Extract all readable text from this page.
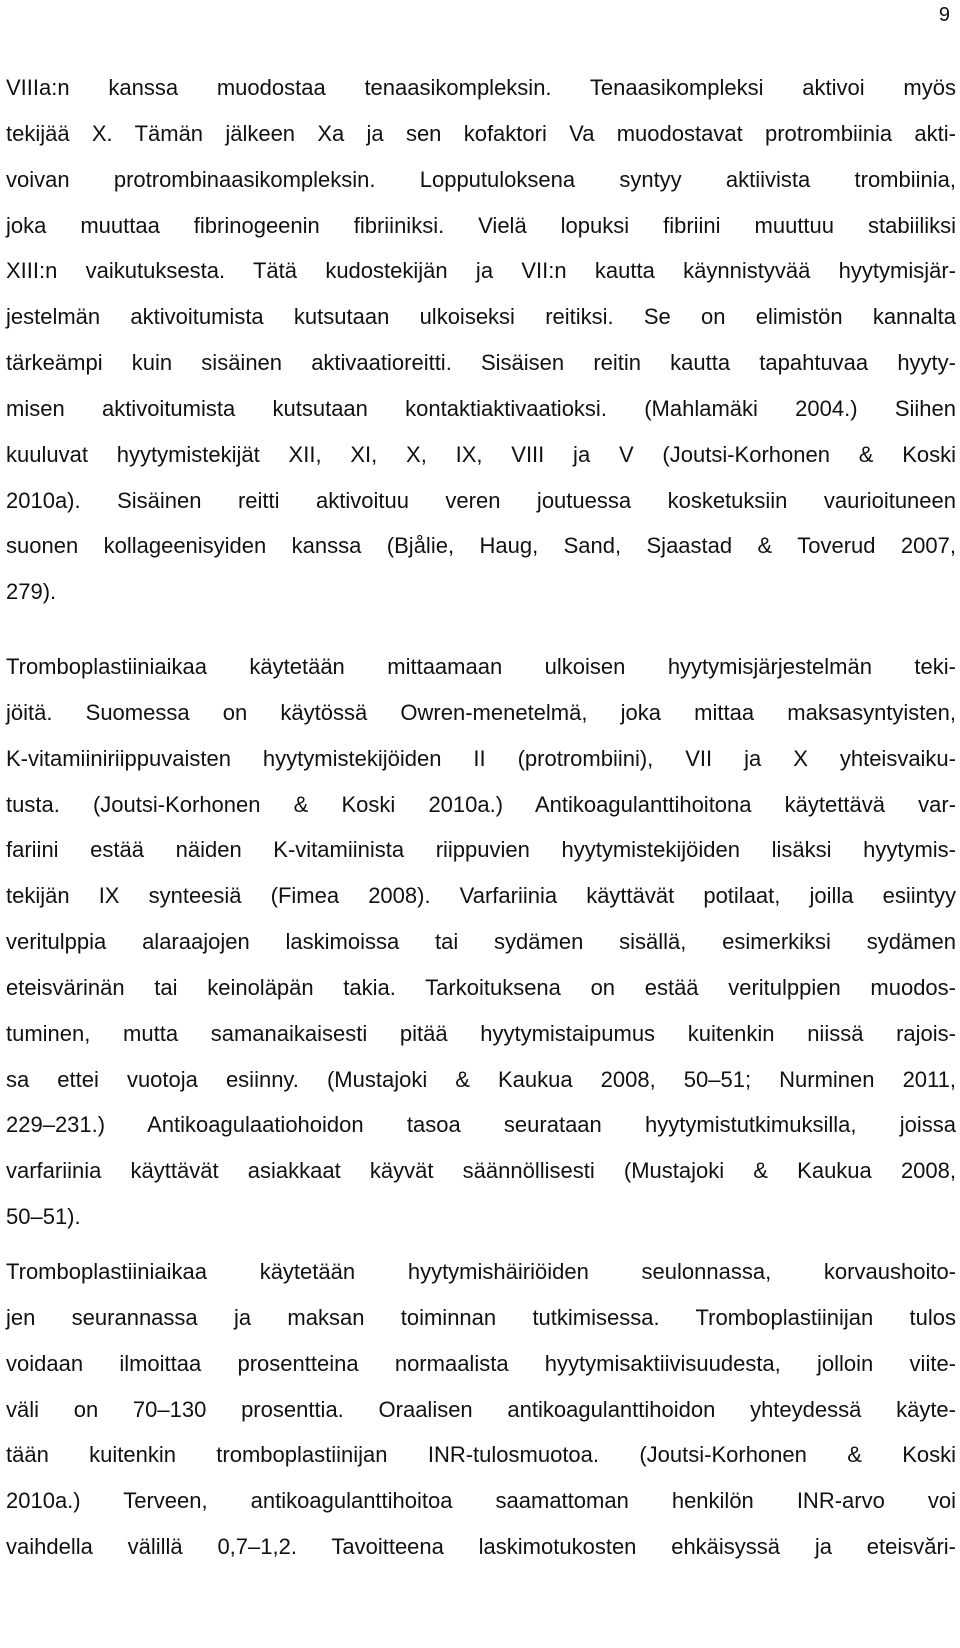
9

VIIIa:n kanssa muodostaa tenaasikompleksin. Tenaasikompleksi aktivoi myös
tekijää X. Tämän jälkeen Xa ja sen kofaktori Va muodostavat protrombiinia akti-
voivan protrombinaasikompleksin. Lopputuloksena syntyy aktiivista trombiinia,
joka muuttaa fibrinogeenin fibriiniksi. Vielä lopuksi fibriini muuttuu stabiiliksi
XIII:n vaikutuksesta. Tätä kudostekijän ja VII:n kautta käynnistyvää hyytymisjär-
jestelmän aktivoitumista kutsutaan ulkoiseksi reitiksi. Se on elimistön kannalta
tärkeämpi kuin sisäinen aktivaatioreitti. Sisäisen reitin kautta tapahtuvaa hyyty-
misen aktivoitumista kutsutaan kontaktiaktivaatioksi. (Mahlamäki 2004.) Siihen
kuuluvat hyytymistekijät XII, XI, X, IX, VIII ja V (Joutsi-Korhonen & Koski
2010a). Sisäinen reitti aktivoituu veren joutuessa kosketuksiin vaurioituneen
suonen kollageenisyiden kanssa (Bjålie, Haug, Sand, Sjaastad & Toverud 2007,
279).

Tromboplastiiniaikaa käytetään mittaamaan ulkoisen hyytymisjärjestelmän teki-
jöitä. Suomessa on käytössä Owren-menetelmä, joka mittaa maksasyntyisten,
K-vitamiiniriippuvaisten hyytymistekijöiden II (protrombiini), VII ja X yhteisvaiku-
tusta. (Joutsi-Korhonen & Koski 2010a.) Antikoagulanttihoitona käytettävä var-
fariini estää näiden K-vitamiinista riippuvien hyytymistekijöiden lisäksi hyytymis-
tekijän IX synteesiä (Fimea 2008). Varfariinia käyttävät potilaat, joilla esiintyy
veritulppia alaraajojen laskimoissa tai sydämen sisällä, esimerkiksi sydämen
eteisvärinän tai keinoläpän takia. Tarkoituksena on estää veritulppien muodos-
tuminen, mutta samanaikaisesti pitää hyytymistaipumus kuitenkin niissä rajois-
sa ettei vuotoja esiinny. (Mustajoki & Kaukua 2008, 50–51; Nurminen 2011,
229–231.) Antikoagulaatiohoidon tasoa seurataan hyytymistutkimuksilla, joissa
varfariinia käyttävät asiakkaat käyvät säännöllisesti (Mustajoki & Kaukua 2008,
50–51).

Tromboplastiiniaikaa käytetään hyytymishäiriöiden seulonnassa, korvaushoito-
jen seurannassa ja maksan toiminnan tutkimisessa. Tromboplastiinijan tulos
voidaan ilmoittaa prosentteina normaalista hyytymisaktiivisuudesta, jolloin viite-
väli on 70–130 prosenttia. Oraalisen antikoagulanttihoidon yhteydessä käyte-
tään kuitenkin tromboplastiinijan INR-tulosmuotoa. (Joutsi-Korhonen & Koski
2010a.) Terveen, antikoagulanttihoitoa saamattoman henkilön INR-arvo voi
vaihdella välillä 0,7–1,2. Tavoitteena laskimotukosten ehkäisyssä ja eteisvări-
